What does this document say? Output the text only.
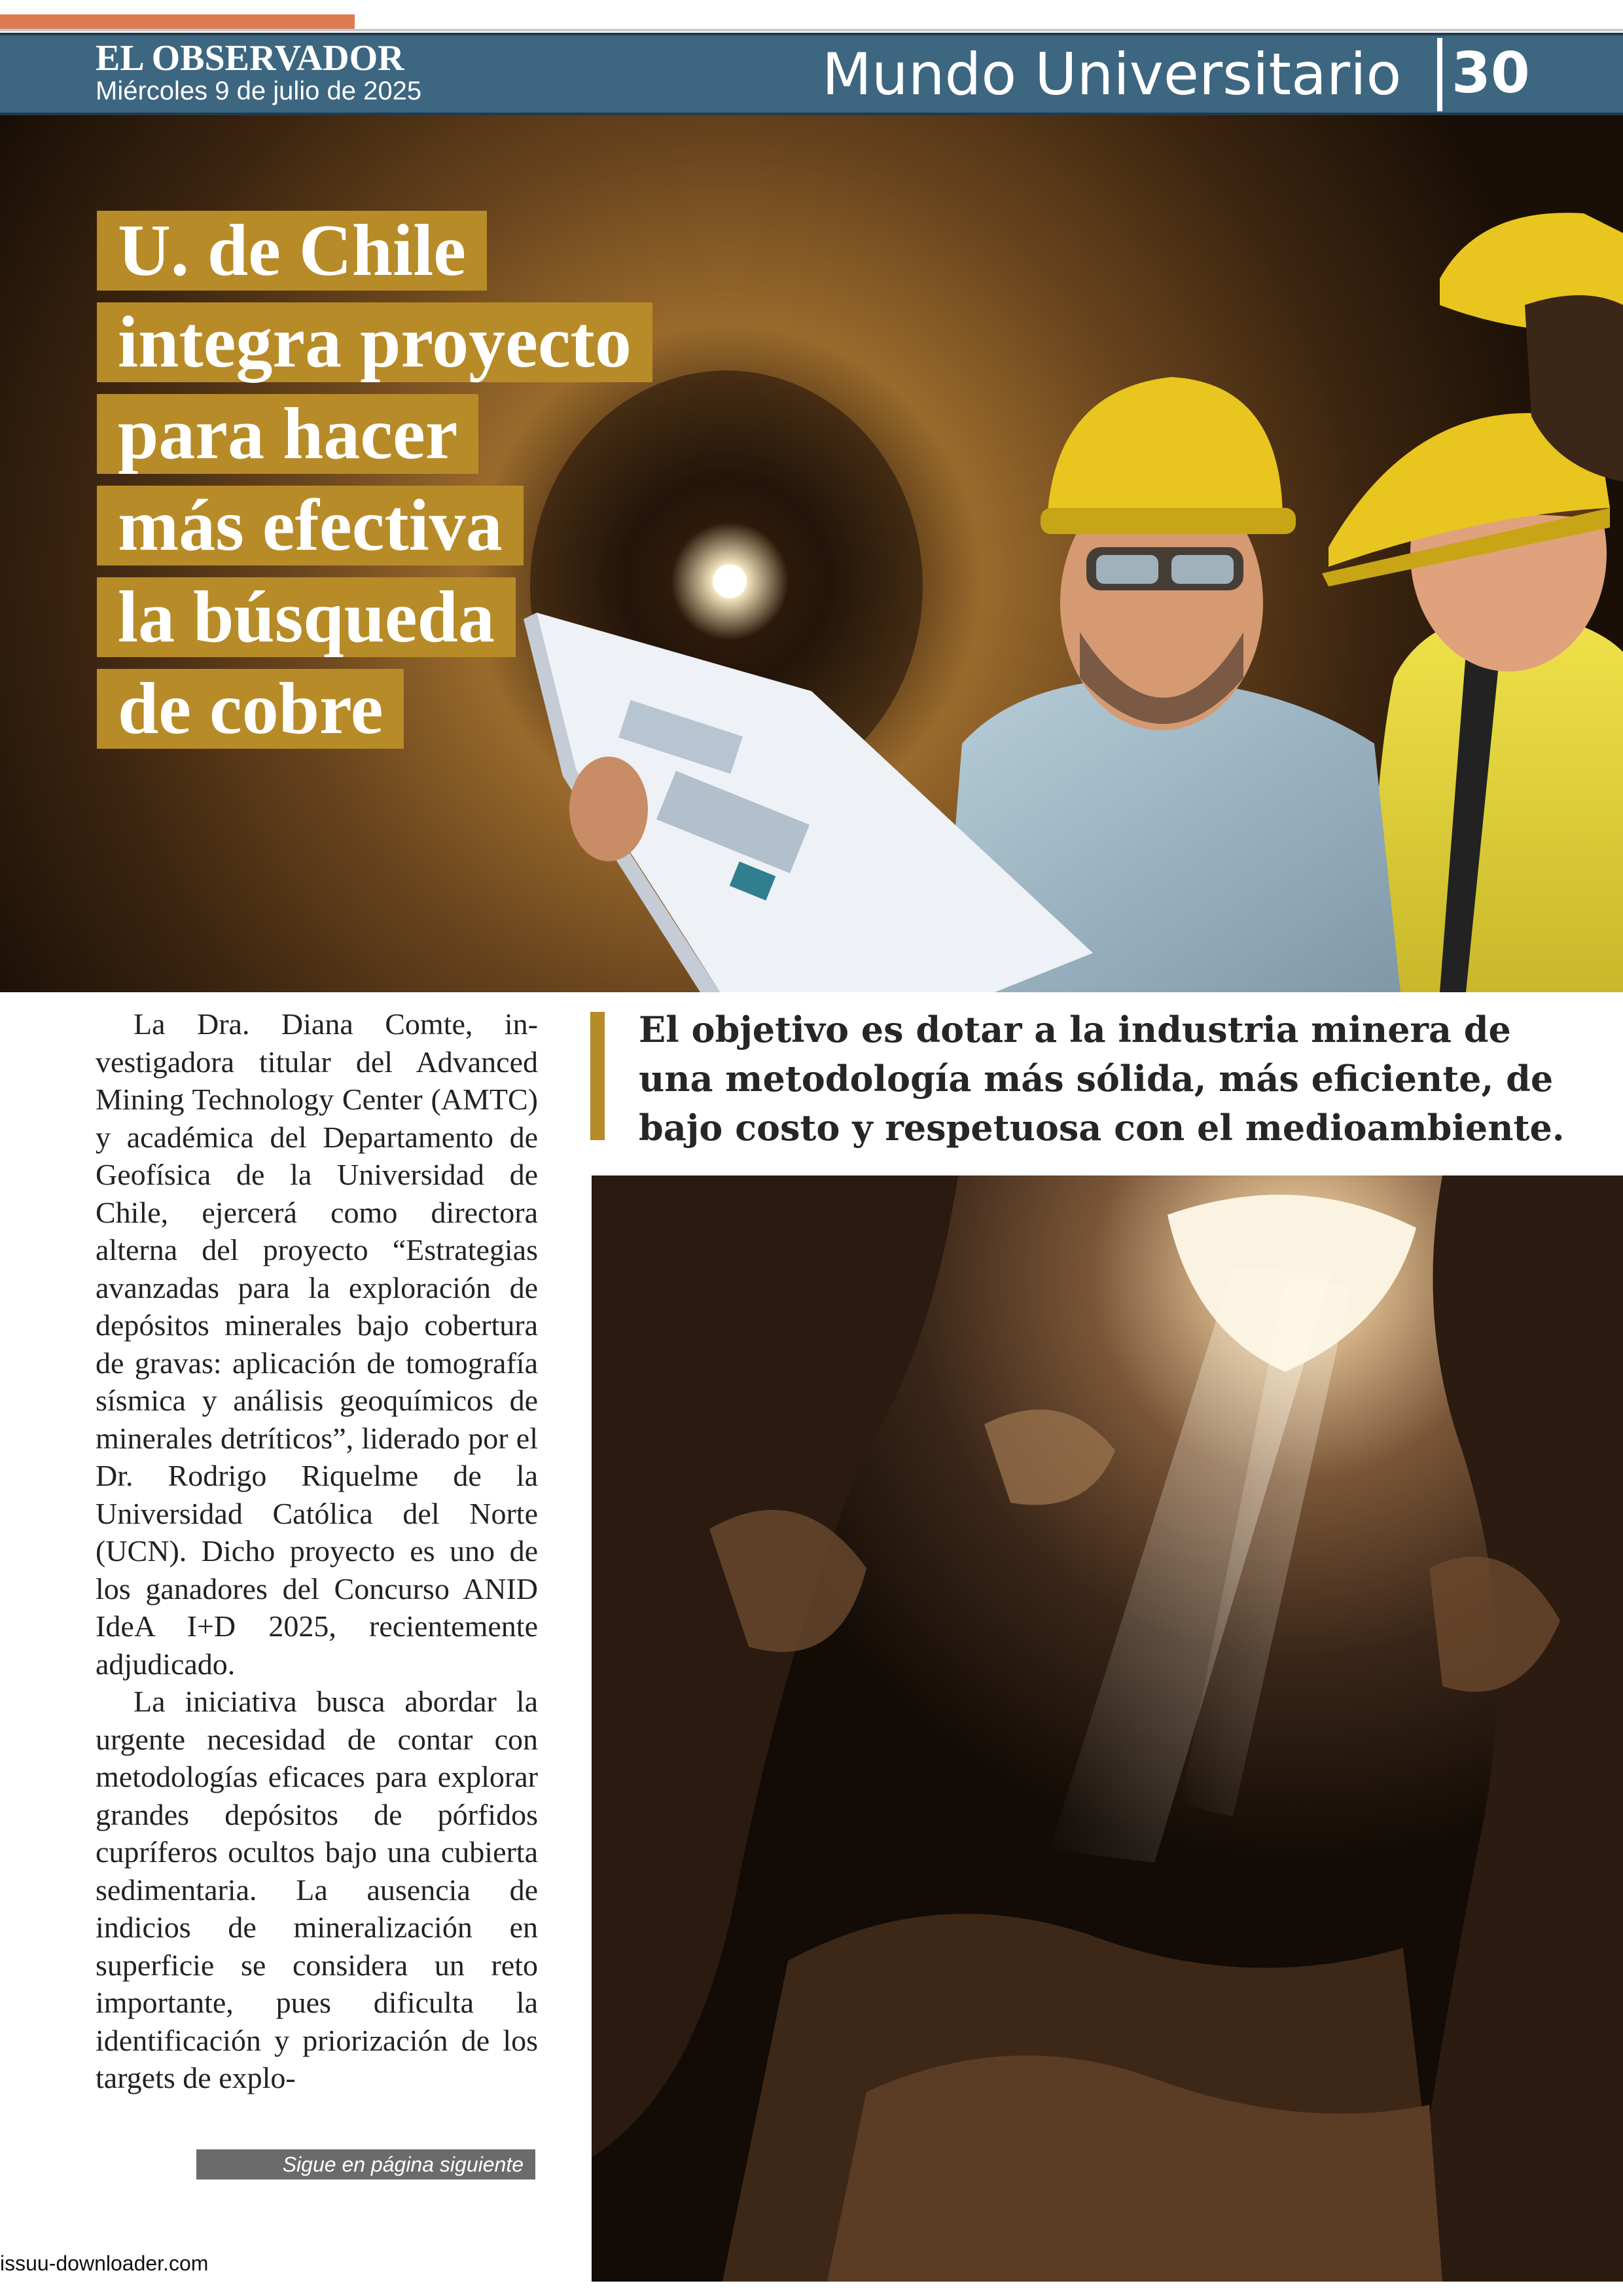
EL OBSERVADOR
Miércoles 9 de julio de 2025	Mundo Universitario 30
U. de Chile
integra proyecto
para hacer
más efectiva
la búsqueda
de cobre

La Dra. Diana Comte, investigadora titular del Advanced Mining Technology Center (AMTC) y académica del Departamento de Geofísica de la Universidad de Chile, ejercerá como directora alterna del proyecto “Estrategias avanzadas para la exploración de depósitos minerales bajo cobertura de gravas: aplicación de tomografía sísmica y análisis geoquímicos de minerales detríticos”, liderado por el Dr. Rodrigo Riquelme de la Universidad Católica del Norte (UCN). Dicho proyecto es uno de los ganadores del Concurso ANID IdeA I+D 2025, recientemente adjudicado.

La iniciativa busca abordar la urgente necesidad de contar con metodologías eficaces para explorar grandes depósitos de pórfidos cupríferos ocultos bajo una cubierta sedimentaria. La ausencia de indicios de mineralización en superficie se considera un reto importante, pues dificulta la identificación y priorización de los targets de explo-

Sigue en página siguiente

El objetivo es dotar a la industria minera de una metodología más sólida, más eficiente, de bajo costo y respetuosa con el medioambiente.

issuu-downloader.com
